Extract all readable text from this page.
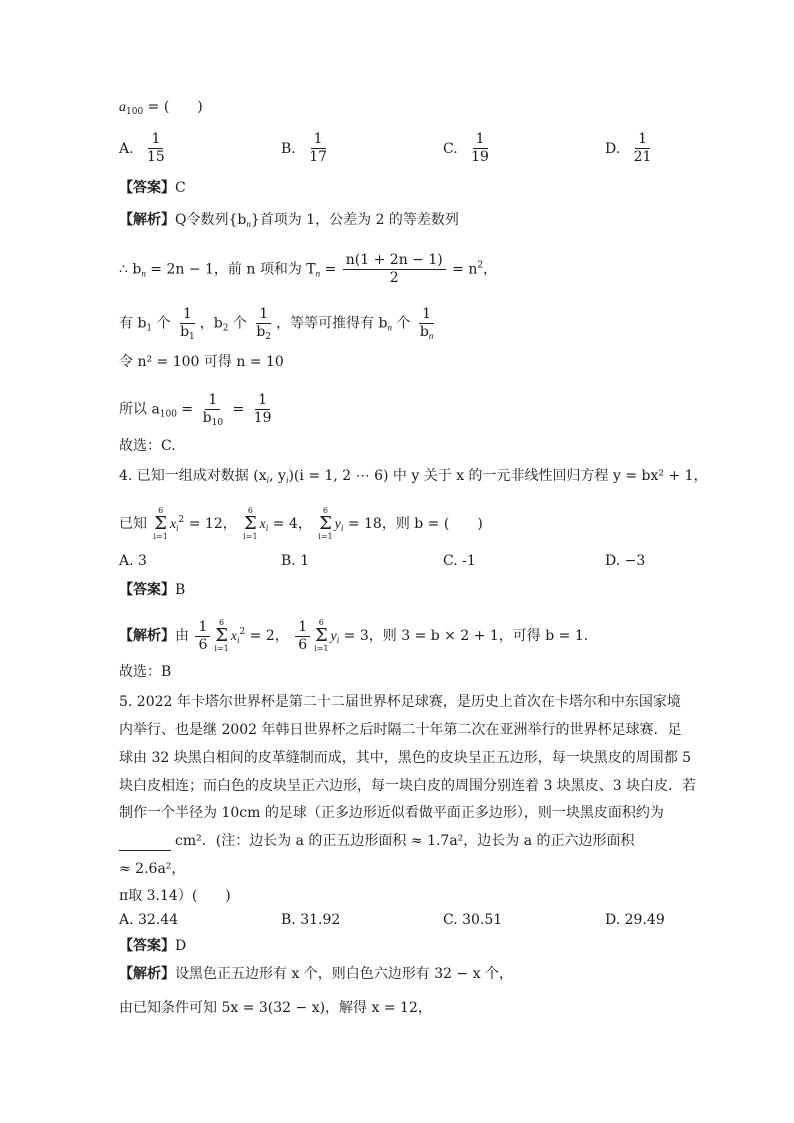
$a_{100}$ = (　　)
A. $\frac{1}{15}$	B. $\frac{1}{17}$	C. $\frac{1}{19}$	D. $\frac{1}{21}$
【答案】C
【解析】Q令数列$\{b_n\}$首项为 1，公差为 2 的等差数列
∴ $b_n = 2n - 1$，前 n 项和为 $T_n = \frac{n(1 + 2n - 1)}{2} = n^2$，
有 $b_1$ 个 $\frac{1}{b_1}$ ，$b_2$ 个 $\frac{1}{b_2}$ ，等等可推得有 $b_n$ 个 $\frac{1}{b_n}$
令 n² = 100 可得 n = 10
所以 $a_{100} = \frac{1}{b_{10}} = \frac{1}{19}$
故选：C.
4. 已知一组成对数据 ($x_i$, $y_i)(i = 1$, 2 ⋯ 6) 中 y 关于 x 的一元非线性回归方程 y = bx² + 1，
已知
6
Σ
i=1
$x_i^2 = 12$，
6
Σ
i=1
$x_i = 4$，
6
Σ
i=1
$y_i = 18$，则 b = (　　)
A. 3	B. 1	C. -1	D. −3
【答案】B
【解析】由 $\frac{1}{6} 6$
Σ
i=1
$x_i^2 = 2$， $\frac{1}{6} 6$
Σ
i=1
$y_i = 3$，则 3 = b × 2 + 1，可得 b = 1.
故选：B
5. 2022 年卡塔尔世界杯是第二十二届世界杯足球赛，是历史上首次在卡塔尔和中东国家境
内举行、也是继 2002 年韩日世界杯之后时隔二十年第二次在亚洲举行的世界杯足球赛．足
球由 32 块黑白相间的皮革缝制而成，其中，黑色的皮块呈正五边形，每一块黑皮的周围都 5
块白皮相连；而白色的皮块呈正六边形，每一块白皮的周围分别连着 3 块黑皮、3 块白皮．若
制作一个半径为 10cm 的足球（正多边形近似看做平面正多边形），则一块黑皮面积约为
cm²．(注：边长为 a 的正五边形面积 ≈ 1.7a²，边长为 a 的正六边形面积
≈ 2.6a²，
π取 3.14）(　　)
A. 32.44	B. 31.92	C. 30.51	D. 29.49
【答案】D
【解析】设黑色正五边形有 x 个，则白色六边形有 32 − x 个，
由已知条件可知 5x = 3(32 − x)，解得 x = 12，
